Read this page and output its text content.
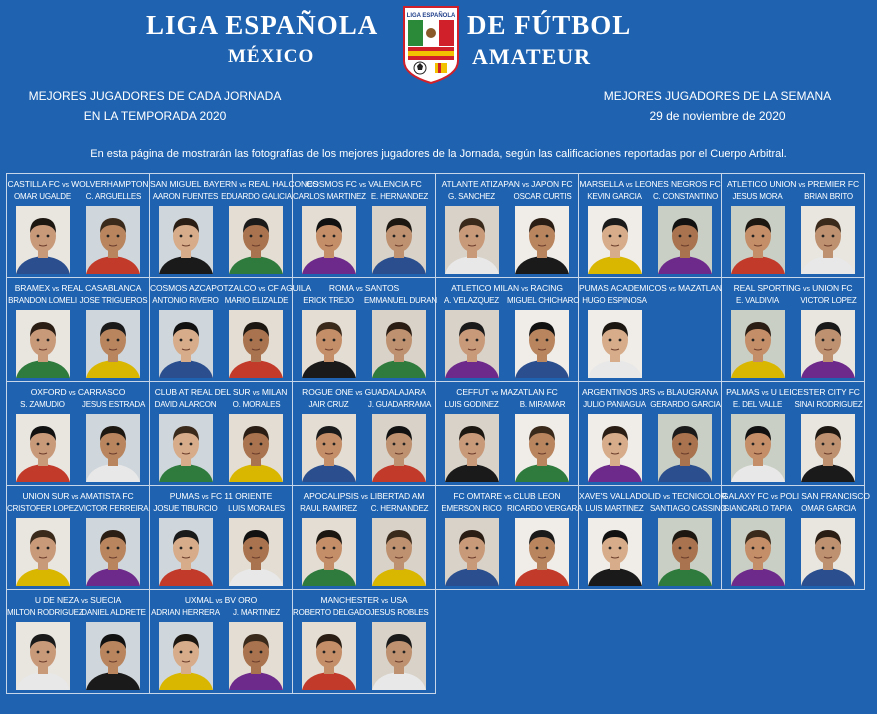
LIGA ESPAÑOLA
MÉXICO
DE FÚTBOL
AMATEUR
LIGA ESPAÑOLA
MEJORES JUGADORES DE CADA JORNADA
EN LA TEMPORADA 2020
MEJORES JUGADORES DE LA SEMANA
29 de noviembre de 2020
En esta página de mostrarán las fotografías de los mejores jugadores de la Jornada, según las calificaciones reportadas por el Cuerpo Arbitral.
CASTILLA FC vs WOLVERHAMPTON
OMAR UGALDE	C. ARGUELLES
SAN MIGUEL BAYERN vs REAL HALCONES
AARON FUENTES EDUARDO GALICIA
COSMOS FC vs VALENCIA FC
CARLOS MARTINEZ E. HERNANDEZ
ATLANTE ATIZAPAN vs JAPON FC
G. SANCHEZ	OSCAR CURTIS
MARSELLA vs LEONES NEGROS FC
KEVIN GARCIA	C. CONSTANTINO
ATLETICO UNION vs PREMIER FC
JESUS MORA	BRIAN BRITO
BRAMEX vs REAL CASABLANCA
BRANDON LOMELI JOSE TRIGUEROS
COSMOS AZCAPOTZALCO vs CF AGUILA
ANTONIO RIVERO MARIO ELIZALDE
ROMA vs SANTOS
ERICK TREJO	EMMANUEL DURAN
ATLETICO MILAN vs RACING
A. VELAZQUEZ	MIGUEL CHICHARO
PUMAS ACADEMICOS vs MAZATLAN
HUGO ESPINOSA
REAL SPORTING vs UNION FC
E. VALDIVIA	VICTOR LOPEZ
OXFORD vs CARRASCO
S. ZAMUDIO	JESUS ESTRADA
CLUB AT REAL DEL SUR vs MILAN
DAVID ALARCON	O. MORALES
ROGUE ONE vs GUADALAJARA
JAIR CRUZ	J. GUADARRAMA
CEFFUT vs MAZATLAN FC
LUIS GODINEZ	B. MIRAMAR
ARGENTINOS JRS vs BLAUGRANA
JULIO PANIAGUA GERARDO GARCIA
PALMAS vs U LEICESTER CITY FC
E. DEL VALLE	SINAI RODRIGUEZ
UNION SUR vs AMATISTA FC
CRISTOFER LOPEZ VICTOR FERREIRA
PUMAS vs FC 11 ORIENTE
JOSUE TIBURCIO	LUIS MORALES
APOCALIPSIS vs LIBERTAD AM
RAUL RAMIREZ	C. HERNANDEZ
FC OMTARE vs CLUB LEON
EMERSON RICO RICARDO VERGARA
XAVE'S VALLADOLID vs TECNICOLOR
LUIS MARTINEZ SANTIAGO CASSINO
GALAXY FC vs POLI SAN FRANCISCO
GIANCARLO TAPIA	OMAR GARCIA
U DE NEZA vs SUECIA
MILTON RODRIGUEZ
DANIEL ALDRETE
UXMAL vs BV ORO
ADRIAN HERRERA	J. MARTINEZ
MANCHESTER vs USA
ROBERTO DELGADO JESUS ROBLES
